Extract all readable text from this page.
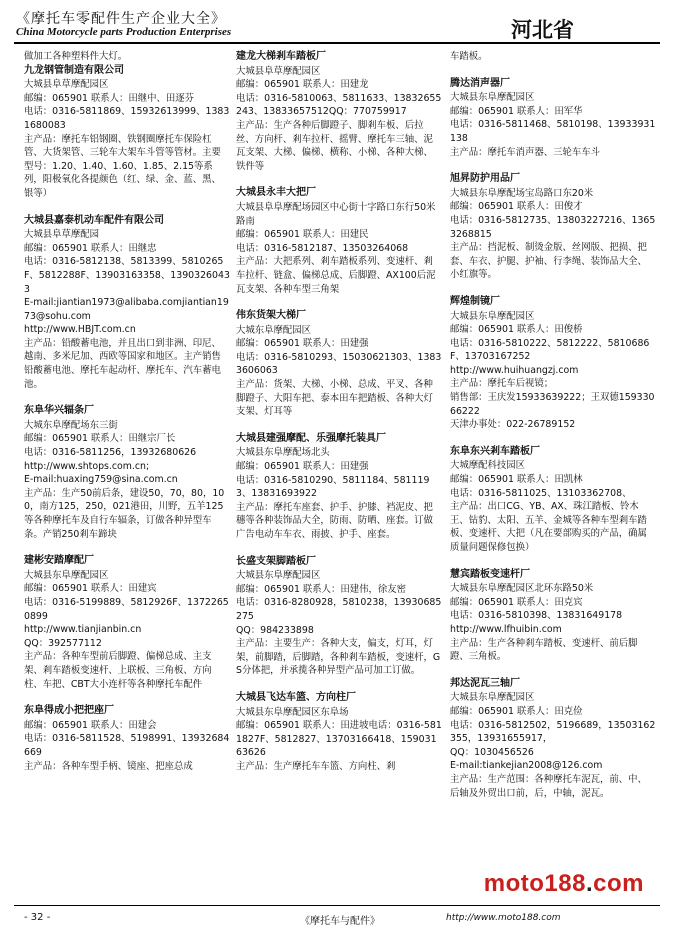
《摩托车零配件生产企业大全》
China Motorcycle parts Production Enterprises	河北省

做加工各种塑料件大灯。

九龙钢管制造有限公司

大城县阜草摩配园区

邮编：065901 联系人：田继中、田逐芬

电话：0316-5811869、15932613999、13831680083

主产品：摩托车铝钢圈、铁钢圈摩托车保险杠管、大货架管、三轮车大架车斗管等管材。主要型号：1.20、1.40、1.60、1.85、2.15等系列，阳极氧化各提颜色（红、绿、金、蓝、黑、银等）

大城县嘉泰机动车配件有限公司

大城县阜草摩配园

邮编：065901 联系人：田继忠

电话：0316-5812138、5813399、5810265F、5812288F、13903163358、13903260433

E-mail:jiantian1973@alibaba.comjiantian1973@sohu.com

http://www.HBJT.com.cn

主产品：铅酸蓄电池，并且出口到非洲、印尼、越南、多米尼加、西欧等国家和地区。主产销售铅酸蓄电池、摩托车起动杆、摩托车、汽车蓄电池。

东阜华兴辐条厂

大城东阜摩配场东三街

邮编：065901 联系人：田继宗厂长

电话：0316-5811256，13932680626

http://www.shtops.com.cn;

E-mail:huaxing759@sina.com.cn

主产品：生产50前后条，建设50，70，80，100，南方125，250，021港田，川野，五羊125等各种摩托车及自行车辐条，订做各种异型车条。产销250剎车蹄块

建彬安踏摩配厂

大城县东阜摩配园区

邮编：065901 联系人：田建宾

电话：0316-5199889、5812926F、13722650899

http://www.tianjianbin.cn

QQ：392577112

主产品：各种车型前后脚蹬、偏梯总成、主支架、剎车踏板变速杆、上联板、三角板、方向柱、车把、CBT大小连杆等各种摩托车配件

东阜得成小把把座厂

邮编：065901 联系人：田建会

电话：0316-5811528、5198991、13932684669

主产品：各种车型手柄、镜座、把座总成

建龙大梯剎车踏板厂

大城县阜草摩配园区

邮编：065901 联系人：田建龙

电话：0316-5810063、5811633、13832655243、13833657512QQ：770759917

主产品：生产各种后脚蹬子、脚剎车板、后拉丝、方向杆、剎车拉杆、摇臂、摩托车三轴、泥瓦支架、大梯、偏梯、横称、小梯、各种大梯、铁件等

大城县永丰大把厂

大城县阜阜摩配场园区中心街十字路口东行50米路南

邮编：065901 联系人：田建民

电话：0316-5812187、13503264068

主产品：大把系列、剎车踏板系列、变速杆、剎车拉杆、链盒、偏梯总成、后脚蹬、AX100后泥瓦支架、各种车型三角架

伟东货架大梯厂

大城东阜摩配园区

邮编：065901 联系人：田建强

电话：0316-5810293、15030621303、13833606063

主产品：货架、大梯、小梯、总成、平叉、各种脚蹬子、大阳车把、泰本田车把踏板、各种大灯支架、灯耳等

大城县建强摩配、乐强摩托装具厂

大城县东阜摩配场北头

邮编：065901 联系人：田建强

电话：0316-5810290、5811184、5811193、13831693922

主产品：摩托车座套、护手、护膝、裆泥皮、把穗等各种装饰品大全，防雨、防晒、座套。订做广告电动车车衣、雨披、护手、座套。

长盛支架脚踏板厂

大城县东阜摩配园区

邮编：065901 联系人：田建伟，徐友密

电话：0316-8280928，5810238，13930685275

QQ：984233898

主产品：主要生产：各种大支，偏支，灯耳，灯架，前脚踏，后脚踏，各种剎车踏板，变速杆，GS分体把，并承揽各种异型产品可加工订做。

大城县飞达车篮、方向柱厂

大城县东阜摩配园区东阜场

邮编：065901 联系人：田进坡电话：0316-5811827F、5812827、13703166418、15903163626

主产品：生产摩托车车篮、方向柱、剎

车踏板。

腾达消声器厂

大城县东阜摩配园区

邮编：065901 联系人：田军华

电话：0316-5811468、5810198、13933931138

主产品：摩托车消声器、三轮车车斗

旭昇防护用品厂

大城县东阜摩配场宝岛路口东20米

邮编：065901 联系人：田俊才

电话：0316-5812735、13803227216、13653268815

主产品：挡泥板、制烫金版、丝网版、把损、把套、车衣、护腿、护袖、行李绳、装饰品大全、小红旗等。

辉煌制镜厂

大城县东阜摩配园区

邮编：065901 联系人：田俊桥

电话：0316-5810222、5812222、5810686F、13703167252

http://www.huihuangzj.com

主产品：摩托车后视镜；

销售部：王庆发15933639222；王双德15933066222

天津办事处：022-26789152

东阜东兴剎车踏板厂

大城摩配科技园区

邮编：065901 联系人：田凯林

电话：0316-5811025、13103362708、

主产品：出口CG、YB、AX、珠江踏板、铃木王、钻豹、太阳、五羊、金城等各种车型剎车踏板、变速杆、大把（凡在要部购买的产品，确属质量问题保修包换）

慧宾踏板变速杆厂

大城县东阜摩配园区北环东路50米

邮编：065901 联系人：田克宾

电话：0316-5810398、13831649178

http://www.lfhuibin.com

主产品：生产各种剎车踏板、变速杆、前后脚蹬、三角板。

邦达泥瓦三轴厂

大城县东阜摩配园区

邮编：065901 联系人：田克俭

电话：0316-5812502，5196689，13503162355，13931655917，

QQ：1030456526

E-mail:tiankejian2008@126.com

主产品：生产范围：各种摩托车泥瓦，前、中、后轴及外贸出口前，后，中轴，泥瓦。

- 32 -	《摩托车与配件》	http://www.moto188.com
moto188.com
